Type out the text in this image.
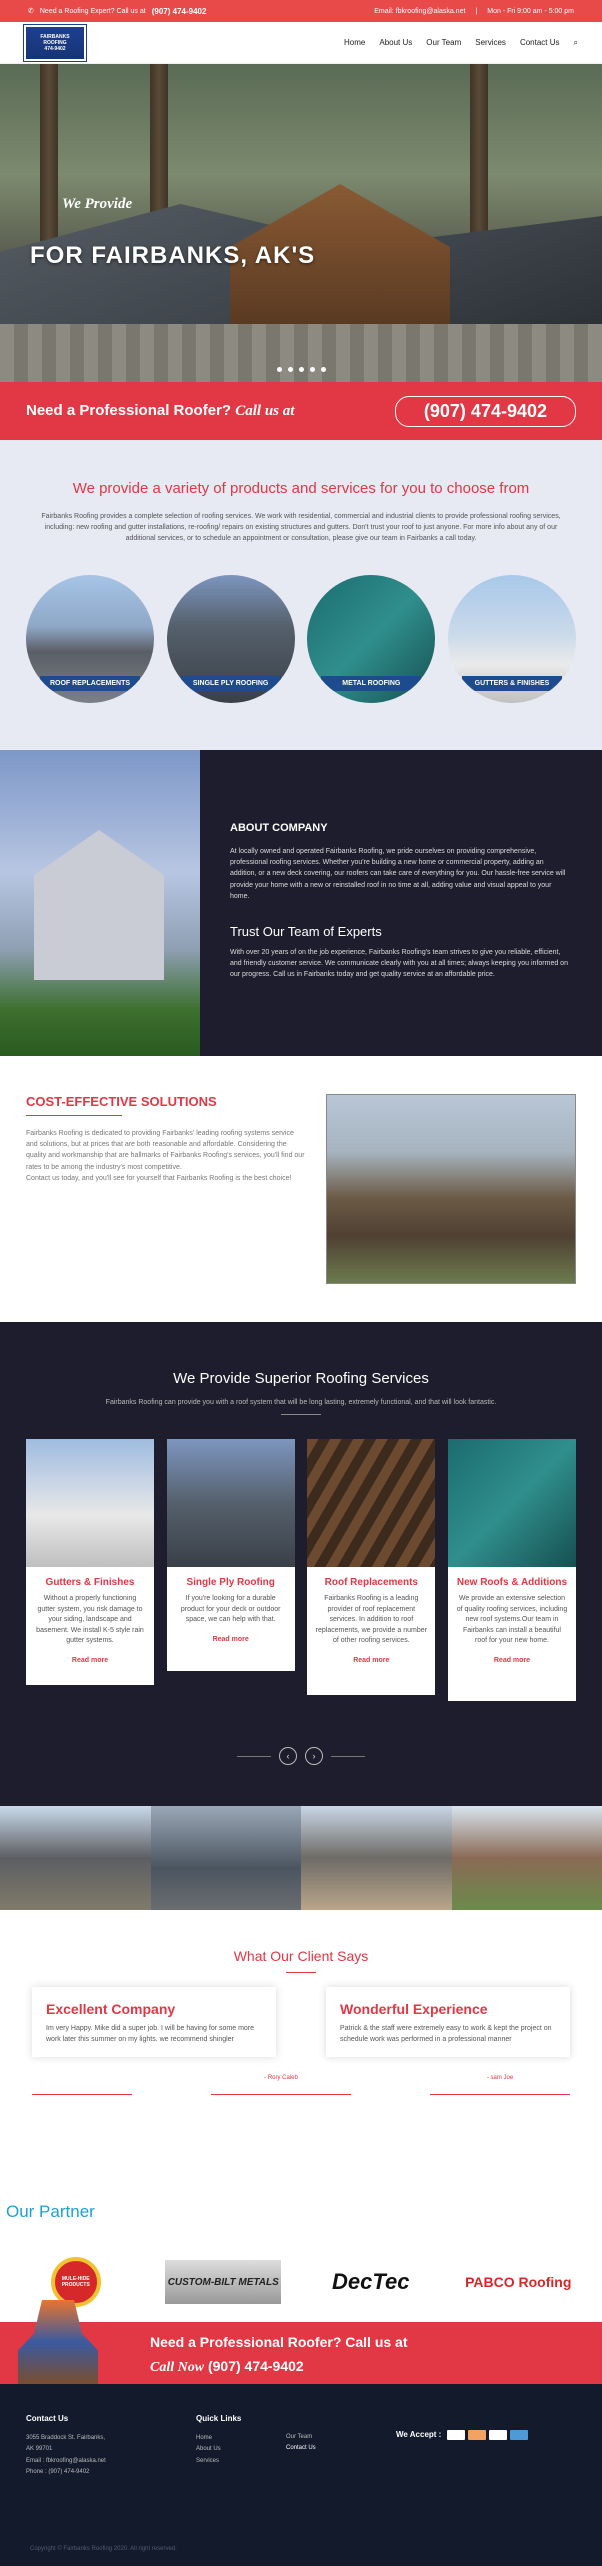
✆ Need a Roofing Expert? Call us at (907) 474-9402	Email: fbkroofing@alaska.net | Mon - Fri 9:00 am - 5:00 pm
FAIRBANKS
ROOFING
474-9402
Home About Us Our Team Services Contact Us ⌕
We Provide
FOR FAIRBANKS, AK'S
Need a Professional Roofer? Call us at	(907) 474-9402
We provide a variety of products and services for you to choose from

Fairbanks Roofing provides a complete selection of roofing services. We work with residential, commercial and industrial clients to provide professional roofing services, including: new roofing and gutter installations, re-roofing/ repairs on existing structures and gutters. Don't trust your roof to just anyone. For more info about any of our additional services, or to schedule an appointment or consultation, please give our team in Fairbanks a call today.

ROOF REPLACEMENTS	SINGLE PLY ROOFING	METAL ROOFING	GUTTERS & FINISHES
ABOUT COMPANY

At locally owned and operated Fairbanks Roofing, we pride ourselves on providing comprehensive, professional roofing services. Whether you're building a new home or commercial property, adding an addition, or a new deck covering, our roofers can take care of everything for you. Our hassle-free service will provide your home with a new or reinstalled roof in no time at all, adding value and visual appeal to your home.

Trust Our Team of Experts

With over 20 years of on the job experience, Fairbanks Roofing's team strives to give you reliable, efficient, and friendly customer service. We communicate clearly with you at all times; always keeping you informed on our progress. Call us in Fairbanks today and get quality service at an affordable price.

COST-EFFECTIVE SOLUTIONS

Fairbanks Roofing is dedicated to providing Fairbanks' leading roofing systems service and solutions, but at prices that are both reasonable and affordable. Considering the quality and workmanship that are hallmarks of Fairbanks Roofing's services, you'll find our rates to be among the industry's most competitive.

Contact us today, and you'll see for yourself that Fairbanks Roofing is the best choice!

We Provide Superior Roofing Services
Fairbanks Roofing can provide you with a roof system that will be long lasting, extremely functional, and that will look fantastic.
Gutters & Finishes

Without a properly functioning gutter system, you risk damage to your siding, landscape and basement. We install K-5 style rain gutter systems.

Read more
Single Ply Roofing

If you're looking for a durable product for your deck or outdoor space, we can help with that.

Read more
Roof Replacements

Fairbanks Roofing is a leading provider of roof replacement services. In addition to roof replacements, we provide a number of other roofing services.

Read more
New Roofs & Additions

We provide an extensive selection of quality roofing services, including new roof systems.Our team in Fairbanks can install a beautiful roof for your new home.

Read more
‹	›
What Our Client Says
Excellent Company

Im very Happy. Mike did a super job. I will be having for some more work later this summer on my lights. we recommend shingler

Wonderful Experience

Patrick & the staff were extremely easy to work & kept the project on schedule work was performed in a professional manner

- Rory Caleb	- sam Joe
Our Partner
MULE-HIDE PRODUCTS	CUSTOM-BILT METALS	DecTec	PABCO Roofing
Need a Professional Roofer? Call us at
Call Now (907) 474-9402
Contact Us

3055 Braddock St. Fairbanks,

AK 99701

Email : fbkroofing@alaska.net

Phone : (907) 474-9402

Quick Links
Home
About Us
Services
Our Team
Contact Us
We Accept :
Copyright © Fairbanks Roofing 2020. All right reserved.
